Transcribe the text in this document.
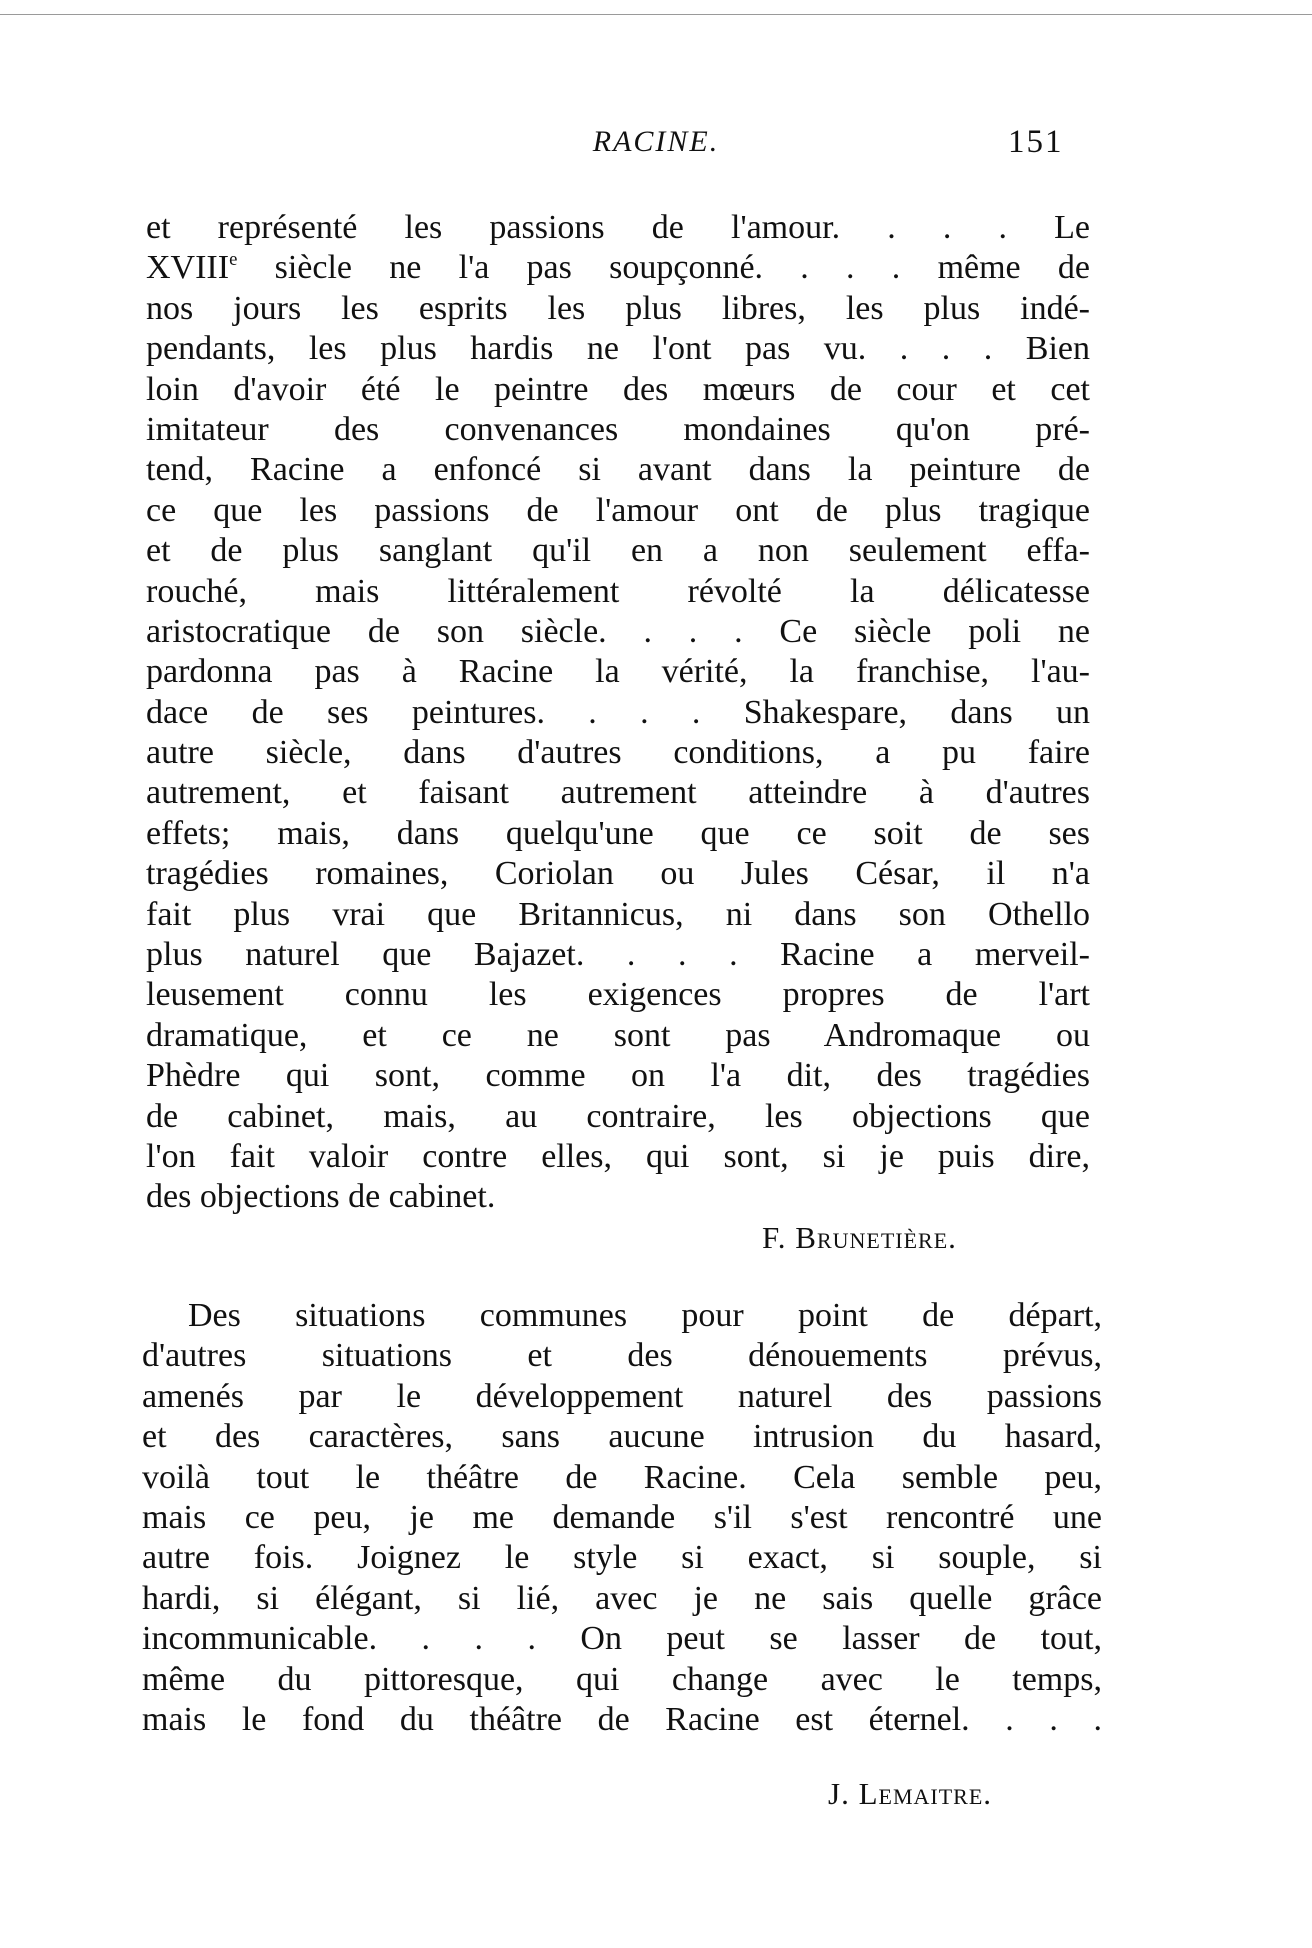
RACINE.	151
et représenté les passions de l'amour. . . . Le
XVIIIe siècle ne l'a pas soupçonné. . . . même de
nos jours les esprits les plus libres, les plus indé-
pendants, les plus hardis ne l'ont pas vu. . . . Bien
loin d'avoir été le peintre des mœurs de cour et cet
imitateur des convenances mondaines qu'on pré-
tend, Racine a enfoncé si avant dans la peinture de
ce que les passions de l'amour ont de plus tragique
et de plus sanglant qu'il en a non seulement effa-
rouché, mais littéralement révolté la délicatesse
aristocratique de son siècle. . . . Ce siècle poli ne
pardonna pas à Racine la vérité, la franchise, l'au-
dace de ses peintures. . . . Shakespare, dans un
autre siècle, dans d'autres conditions, a pu faire
autrement, et faisant autrement atteindre à d'autres
effets; mais, dans quelqu'une que ce soit de ses
tragédies romaines, Coriolan ou Jules César, il n'a
fait plus vrai que Britannicus, ni dans son Othello
plus naturel que Bajazet. . . . Racine a merveil-
leusement connu les exigences propres de l'art
dramatique, et ce ne sont pas Andromaque ou
Phèdre qui sont, comme on l'a dit, des tragédies
de cabinet, mais, au contraire, les objections que
l'on fait valoir contre elles, qui sont, si je puis dire,
des objections de cabinet.
F. Brunetière.
Des situations communes pour point de départ,
d'autres situations et des dénouements prévus,
amenés par le développement naturel des passions
et des caractères, sans aucune intrusion du hasard,
voilà tout le théâtre de Racine. Cela semble peu,
mais ce peu, je me demande s'il s'est rencontré une
autre fois. Joignez le style si exact, si souple, si
hardi, si élégant, si lié, avec je ne sais quelle grâce
incommunicable. . . . On peut se lasser de tout,
même du pittoresque, qui change avec le temps,
mais le fond du théâtre de Racine est éternel. . . .
J. Lemaitre.
